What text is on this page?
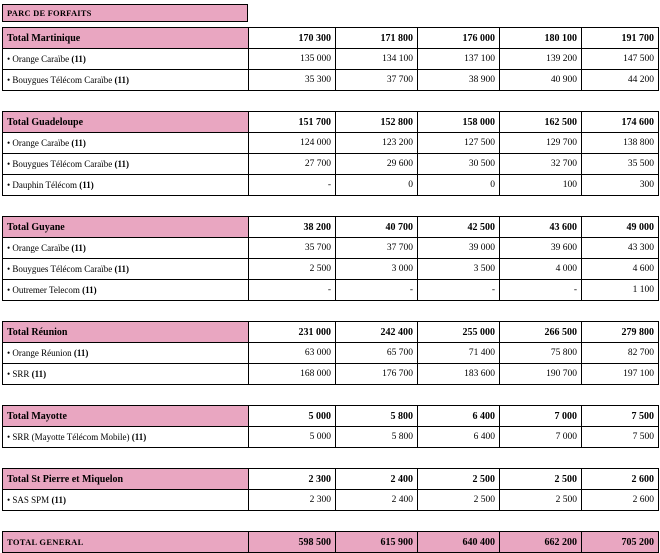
PARC DE FORFAITS
Total Martinique	170 300	171 800	176 000	180 100	191 700
• Orange Caraïbe (11)	135 000	134 100	137 100	139 200	147 500
• Bouygues Télécom Caraïbe (11)	35 300	37 700	38 900	40 900	44 200

Total Guadeloupe	151 700	152 800	158 000	162 500	174 600
• Orange Caraïbe (11)	124 000	123 200	127 500	129 700	138 800
• Bouygues Télécom Caraïbe (11)	27 700	29 600	30 500	32 700	35 500
• Dauphin Télécom (11)	-	0	0	100	300

Total Guyane	38 200	40 700	42 500	43 600	49 000
• Orange Caraïbe (11)	35 700	37 700	39 000	39 600	43 300
• Bouygues Télécom Caraïbe (11)	2 500	3 000	3 500	4 000	4 600
• Outremer Telecom (11)	-	-	-	-	1 100

Total Réunion	231 000	242 400	255 000	266 500	279 800
• Orange Réunion (11)	63 000	65 700	71 400	75 800	82 700
• SRR (11)	168 000	176 700	183 600	190 700	197 100

Total Mayotte	5 000	5 800	6 400	7 000	7 500
• SRR (Mayotte Télécom Mobile) (11)	5 000	5 800	6 400	7 000	7 500

Total St Pierre et Miquelon	2 300	2 400	2 500	2 500	2 600
• SAS SPM (11)	2 300	2 400	2 500	2 500	2 600

TOTAL GENERAL	598 500	615 900	640 400	662 200	705 200
